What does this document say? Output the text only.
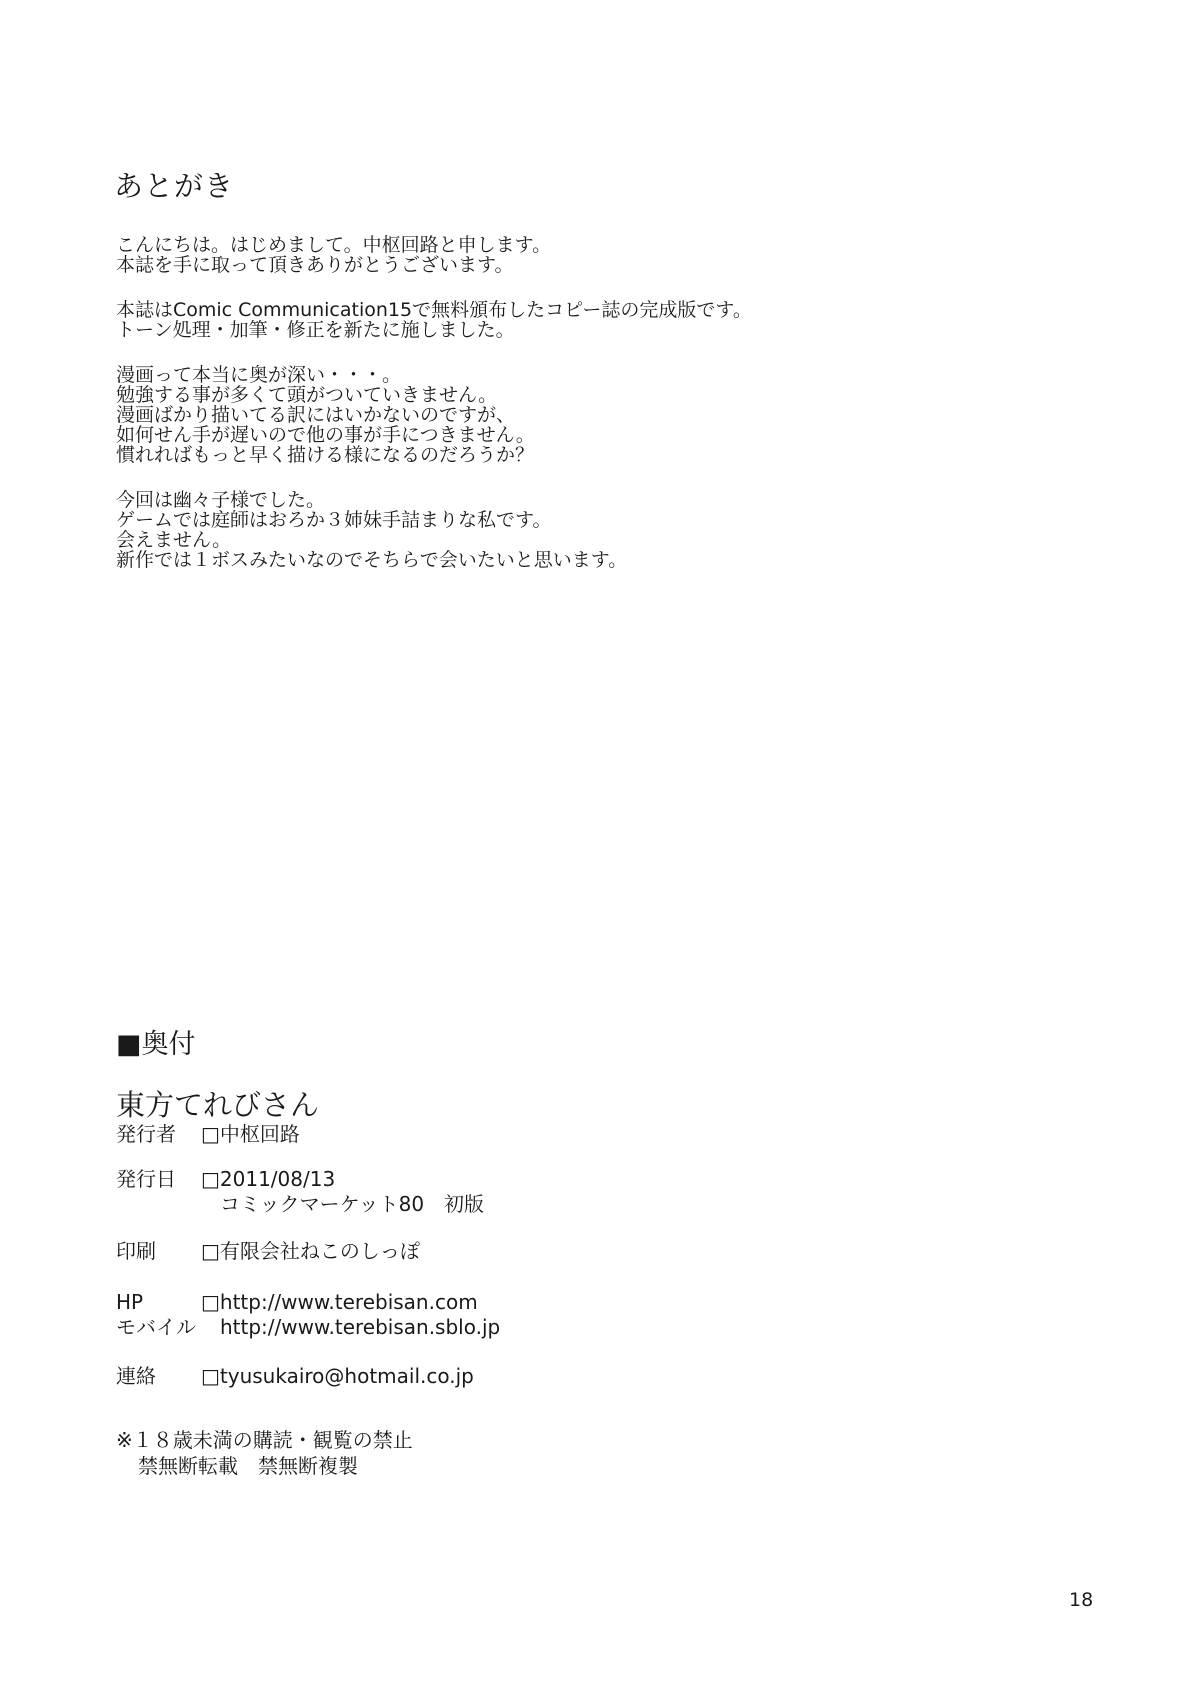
あとがき
こんにちは。はじめまして。中枢回路と申します。
本誌を手に取って頂きありがとうございます。
本誌はComic Communication15で無料頒布したコピー誌の完成版です。
トーン処理・加筆・修正を新たに施しました。
漫画って本当に奥が深い・・・。
勉強する事が多くて頭がついていきません。
漫画ばかり描いてる訳にはいかないのですが、
如何せん手が遅いので他の事が手につきません。
慣れればもっと早く描ける様になるのだろうか？
今回は幽々子様でした。
ゲームでは庭師はおろか３姉妹手詰まりな私です。
会えません。
新作では１ボスみたいなのでそちらで会いたいと思います。
■奥付
東方てれびさん
発行者	□中枢回路
発行日	□2011/08/13
コミックマーケット80　初版
印刷	□有限会社ねこのしっぽ
HP	□http://www.terebisan.com
モバイル http://www.terebisan.sblo.jp
連絡	□tyusukairo@hotmail.co.jp
※１８歳未満の購読・観覧の禁止
禁無断転載　禁無断複製
18
